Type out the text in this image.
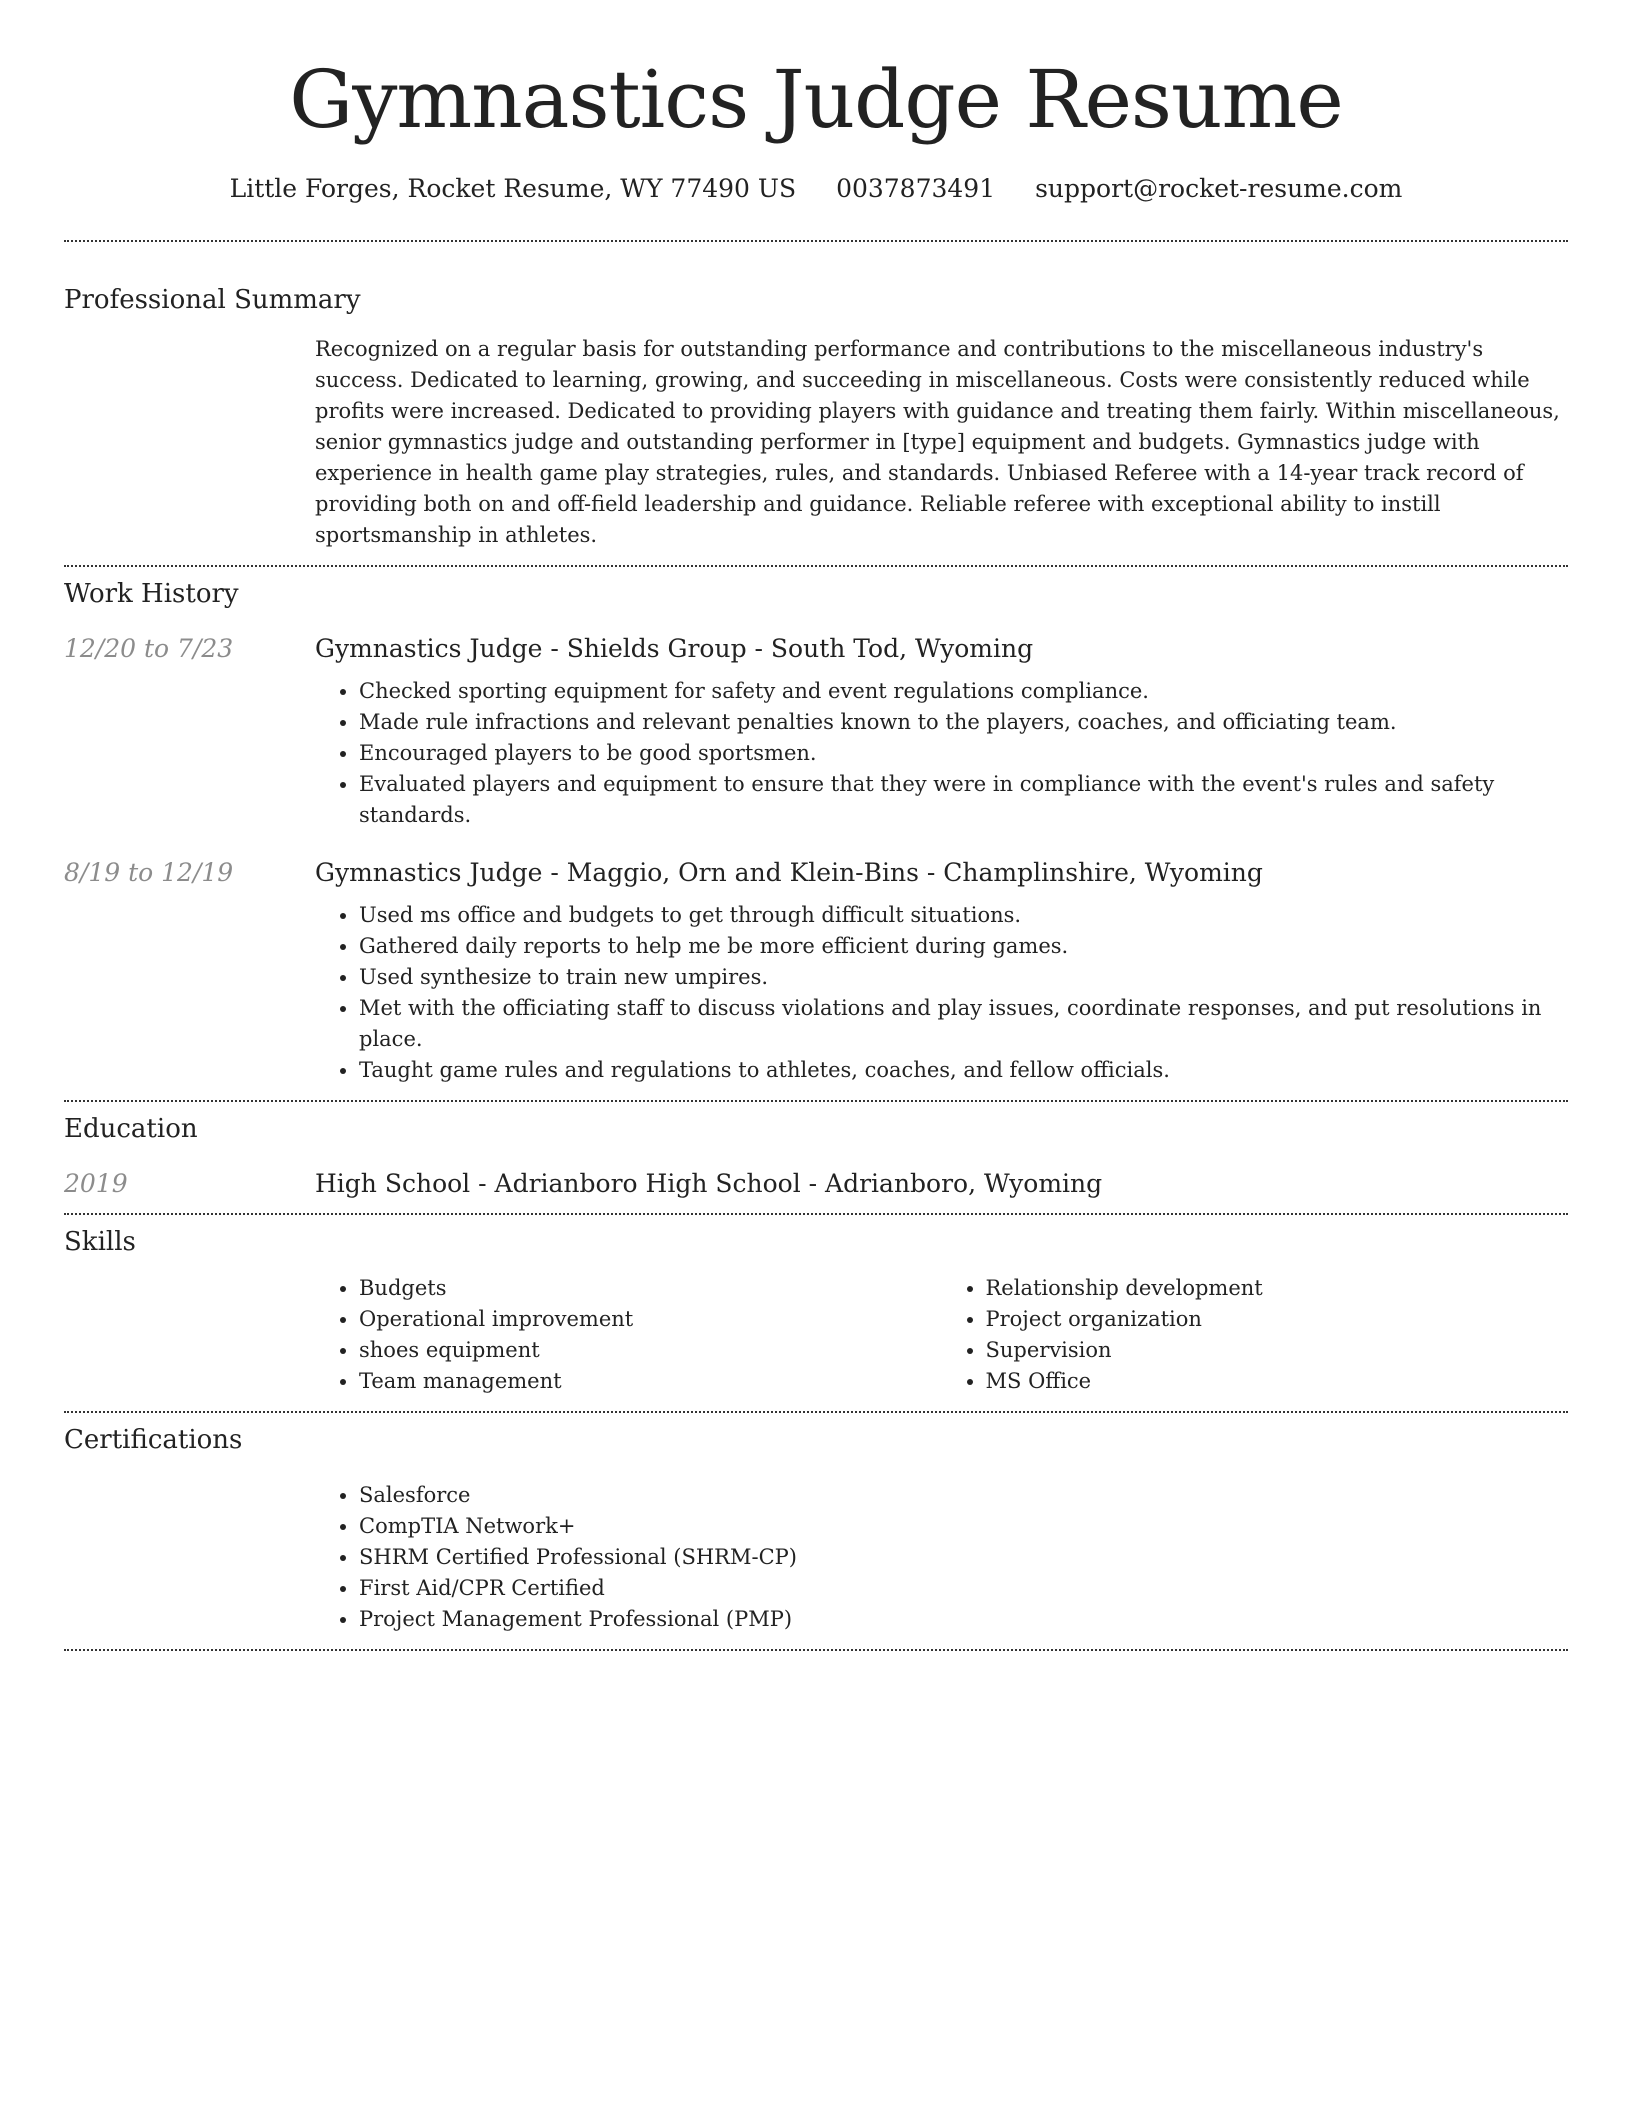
Gymnastics Judge Resume
Little Forges, Rocket Resume, WY 77490 US 0037873491 support@rocket-resume.com
Professional Summary

Recognized on a regular basis for outstanding performance and contributions to the miscellaneous industry's success. Dedicated to learning, growing, and succeeding in miscellaneous. Costs were consistently reduced while profits were increased. Dedicated to providing players with guidance and treating them fairly. Within miscellaneous, senior gymnastics judge and outstanding performer in [type] equipment and budgets. Gymnastics judge with experience in health game play strategies, rules, and standards. Unbiased Referee with a 14-year track record of providing both on and off-field leadership and guidance. Reliable referee with exceptional ability to instill sportsmanship in athletes.

Work History
12/20 to 7/23	Gymnastics Judge - Shields Group - South Tod, Wyoming
• Checked sporting equipment for safety and event regulations compliance.
• Made rule infractions and relevant penalties known to the players, coaches, and officiating team.
• Encouraged players to be good sportsmen.
• Evaluated players and equipment to ensure that they were in compliance with the event's rules and safety standards.
8/19 to 12/19	Gymnastics Judge - Maggio, Orn and Klein-Bins - Champlinshire, Wyoming
• Used ms office and budgets to get through difficult situations.
• Gathered daily reports to help me be more efficient during games.
• Used synthesize to train new umpires.
• Met with the officiating staff to discuss violations and play issues, coordinate responses, and put resolutions in place.
• Taught game rules and regulations to athletes, coaches, and fellow officials.
Education
2019	High School - Adrianboro High School - Adrianboro, Wyoming
Skills
• Budgets
• Operational improvement
• shoes equipment
• Team management
• Relationship development
• Project organization
• Supervision
• MS Office
Certifications
• Salesforce
• CompTIA Network+
• SHRM Certified Professional (SHRM-CP)
• First Aid/CPR Certified
• Project Management Professional (PMP)
